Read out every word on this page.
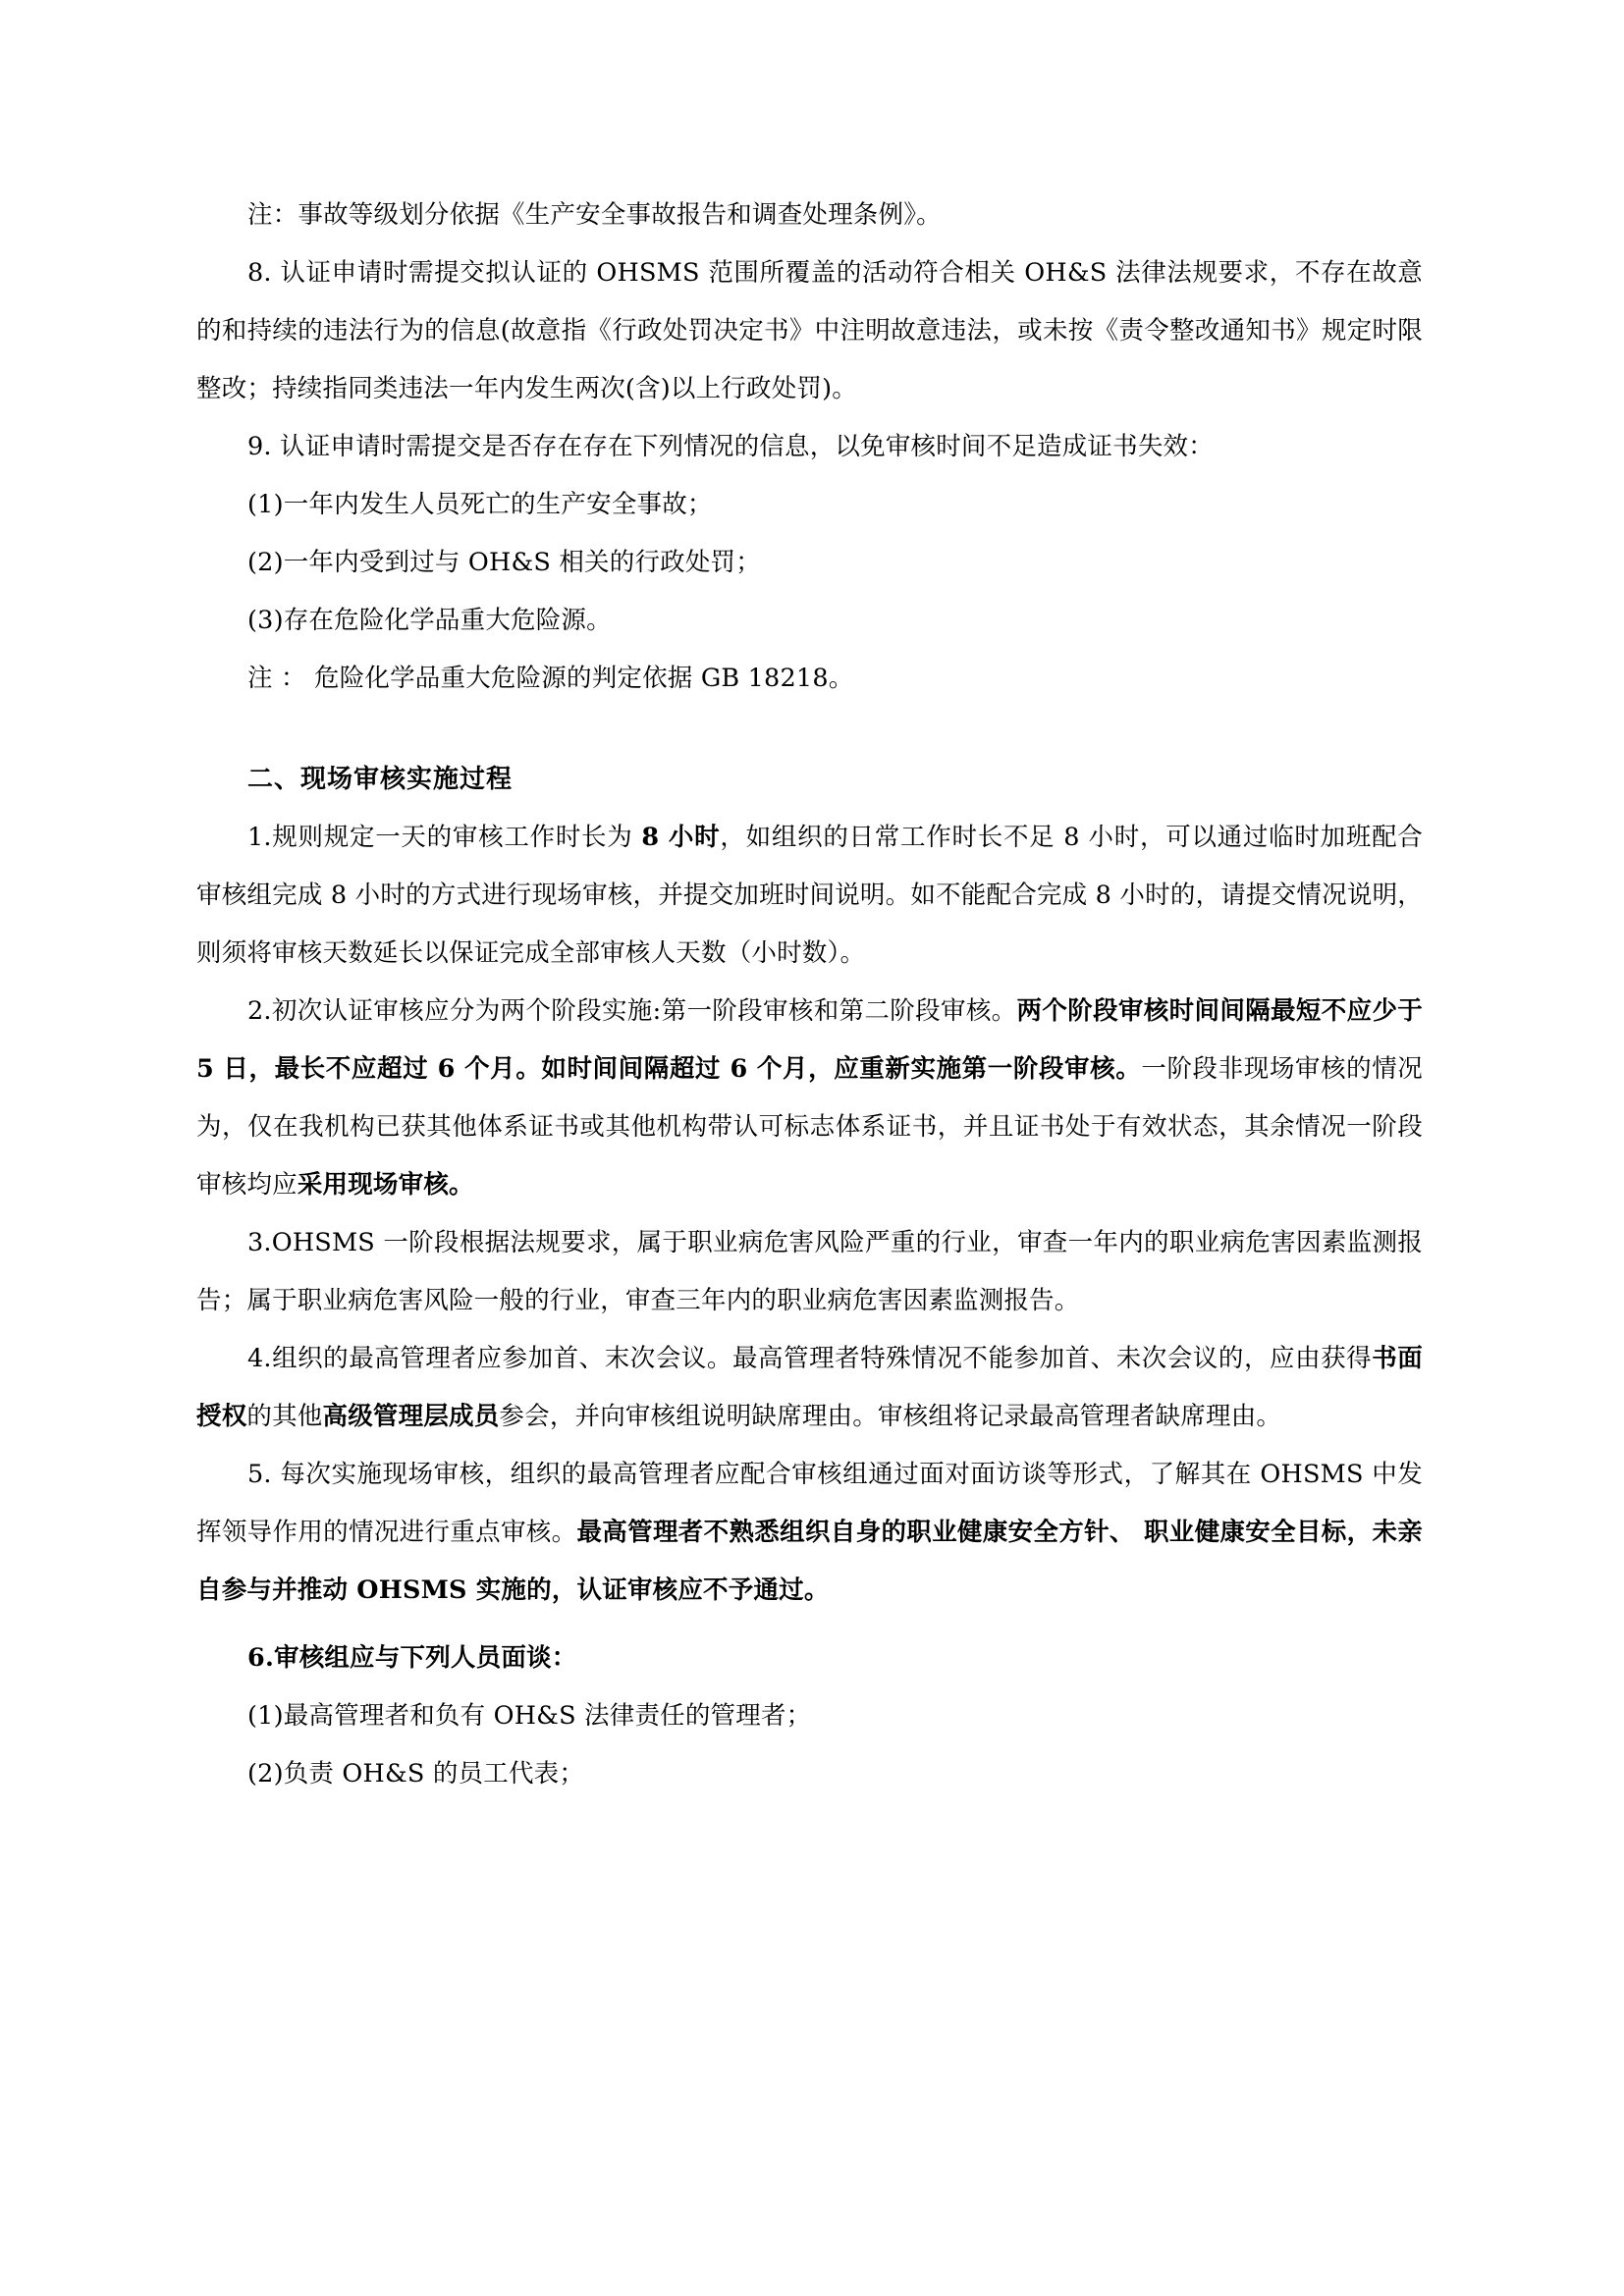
注：事故等级划分依据《生产安全事故报告和调查处理条例》。

8. 认证申请时需提交拟认证的 OHSMS 范围所覆盖的活动符合相关 OH&S 法律法规要求，不存在故意的和持续的违法行为的信息(故意指《行政处罚决定书》中注明故意违法，或未按《责令整改通知书》规定时限整改；持续指同类违法一年内发生两次(含)以上行政处罚)。

9. 认证申请时需提交是否存在存在下列情况的信息，以免审核时间不足造成证书失效：

(1)一年内发生人员死亡的生产安全事故；

(2)一年内受到过与 OH&S 相关的行政处罚；

(3)存在危险化学品重大危险源。

注 ： 危险化学品重大危险源的判定依据 GB 18218。

二、现场审核实施过程

1.规则规定一天的审核工作时长为 8 小时，如组织的日常工作时长不足 8 小时，可以通过临时加班配合审核组完成 8 小时的方式进行现场审核，并提交加班时间说明。如不能配合完成 8 小时的，请提交情况说明，则须将审核天数延长以保证完成全部审核人天数（小时数）。

2.初次认证审核应分为两个阶段实施:第一阶段审核和第二阶段审核。两个阶段审核时间间隔最短不应少于 5 日，最长不应超过 6 个月。如时间间隔超过 6 个月，应重新实施第一阶段审核。一阶段非现场审核的情况为，仅在我机构已获其他体系证书或其他机构带认可标志体系证书，并且证书处于有效状态，其余情况一阶段审核均应采用现场审核。

3.OHSMS 一阶段根据法规要求，属于职业病危害风险严重的行业，审查一年内的职业病危害因素监测报告；属于职业病危害风险一般的行业，审查三年内的职业病危害因素监测报告。

4.组织的最高管理者应参加首、末次会议。最高管理者特殊情况不能参加首、未次会议的，应由获得书面授权的其他高级管理层成员参会，并向审核组说明缺席理由。审核组将记录最高管理者缺席理由。

5. 每次实施现场审核，组织的最高管理者应配合审核组通过面对面访谈等形式，了解其在 OHSMS 中发挥领导作用的情况进行重点审核。最高管理者不熟悉组织自身的职业健康安全方针、 职业健康安全目标，未亲自参与并推动 OHSMS 实施的，认证审核应不予通过。

6.审核组应与下列人员面谈：

(1)最高管理者和负有 OH&S 法律责任的管理者；

(2)负责 OH&S 的员工代表；
